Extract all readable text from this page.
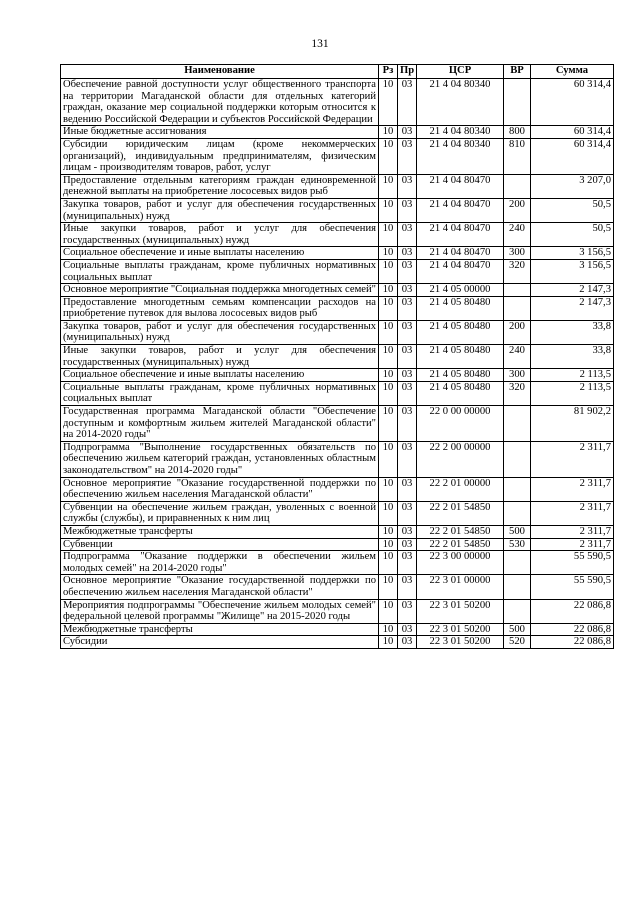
131
Наименование	Рз	Пр	ЦСР	ВР	Сумма
Обеспечение равной доступности услуг общественного транспорта на территории Магаданской области для отдельных категорий граждан, оказание мер социальной поддержки которым относится к ведению Российской Федерации и субъектов Российской Федерации	10	03	21 4 04 80340		60 314,4
Иные бюджетные ассигнования	10	03	21 4 04 80340	800	60 314,4
Субсидии юридическим лицам (кроме некоммерческих организаций), индивидуальным предпринимателям, физическим лицам - производителям товаров, работ, услуг	10	03	21 4 04 80340	810	60 314,4
Предоставление отдельным категориям граждан единовременной денежной выплаты на приобретение лососевых видов рыб	10	03	21 4 04 80470		3 207,0
Закупка товаров, работ и услуг для обеспечения государственных (муниципальных) нужд	10	03	21 4 04 80470	200	50,5
Иные закупки товаров, работ и услуг для обеспечения государственных (муниципальных) нужд	10	03	21 4 04 80470	240	50,5
Социальное обеспечение и иные выплаты населению	10	03	21 4 04 80470	300	3 156,5
Социальные выплаты гражданам, кроме публичных нормативных социальных выплат	10	03	21 4 04 80470	320	3 156,5
Основное мероприятие "Социальная поддержка многодетных семей"	10	03	21 4 05 00000		2 147,3
Предоставление многодетным семьям компенсации расходов на приобретение путевок для вылова лососевых видов рыб	10	03	21 4 05 80480		2 147,3
Закупка товаров, работ и услуг для обеспечения государственных (муниципальных) нужд	10	03	21 4 05 80480	200	33,8
Иные закупки товаров, работ и услуг для обеспечения государственных (муниципальных) нужд	10	03	21 4 05 80480	240	33,8
Социальное обеспечение и иные выплаты населению	10	03	21 4 05 80480	300	2 113,5
Социальные выплаты гражданам, кроме публичных нормативных социальных выплат	10	03	21 4 05 80480	320	2 113,5
Государственная программа Магаданской области "Обеспечение доступным и комфортным жильем жителей Магаданской области" на 2014-2020 годы"	10	03	22 0 00 00000		81 902,2
Подпрограмма "Выполнение государственных обязательств по обеспечению жильем категорий граждан, установленных областным законодательством" на 2014-2020 годы"	10	03	22 2 00 00000		2 311,7
Основное мероприятие "Оказание государственной поддержки по обеспечению жильем населения Магаданской области"	10	03	22 2 01 00000		2 311,7
Субвенции на обеспечение жильем граждан, уволенных с военной службы (службы), и приравненных к ним лиц	10	03	22 2 01 54850		2 311,7
Межбюджетные трансферты	10	03	22 2 01 54850	500	2 311,7
Субвенции	10	03	22 2 01 54850	530	2 311,7
Подпрограмма "Оказание поддержки в обеспечении жильем молодых семей" на 2014-2020 годы"	10	03	22 3 00 00000		55 590,5
Основное мероприятие "Оказание государственной поддержки по обеспечению жильем населения Магаданской области"	10	03	22 3 01 00000		55 590,5
Мероприятия подпрограммы "Обеспечение жильем молодых семей" федеральной целевой программы "Жилище" на 2015-2020 годы	10	03	22 3 01 50200		22 086,8
Межбюджетные трансферты	10	03	22 3 01 50200	500	22 086,8
Субсидии	10	03	22 3 01 50200	520	22 086,8
